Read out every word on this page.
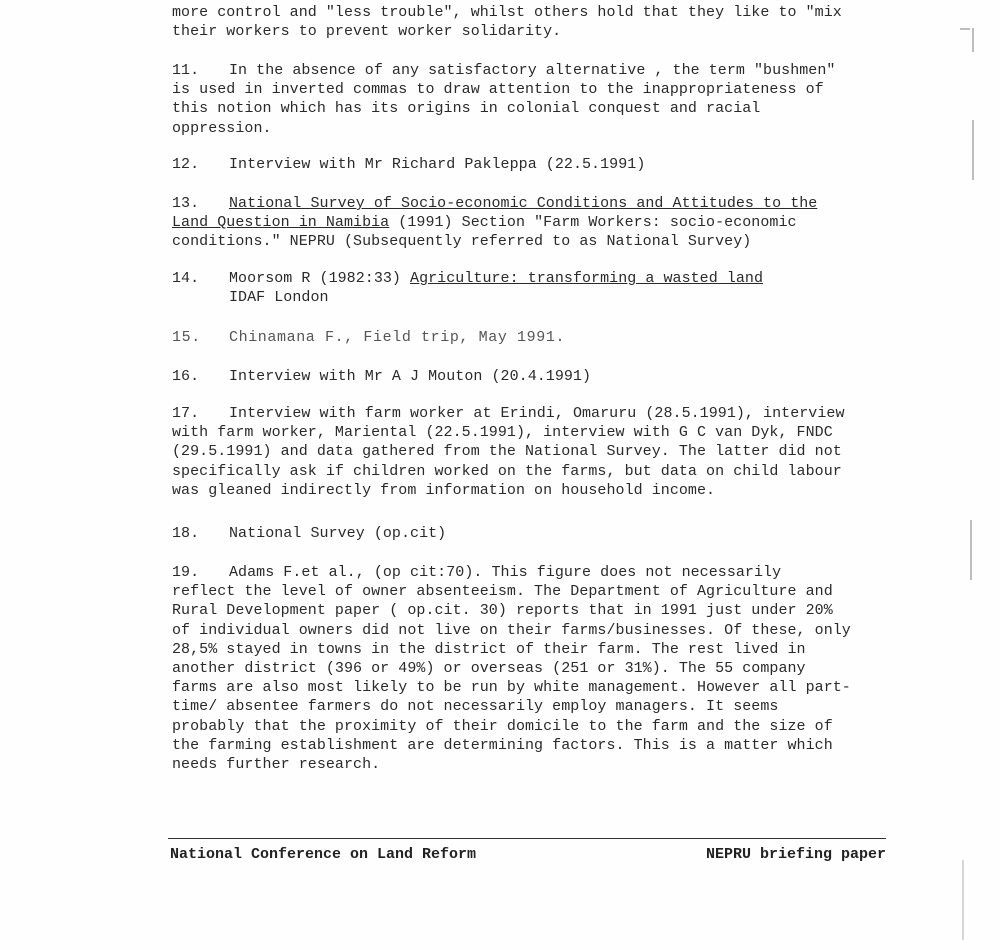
more control and "less trouble", whilst others hold that they like to "mix
their workers to prevent worker solidarity.

11. In the absence of any satisfactory alternative , the term "bushmen"
is used in inverted commas to draw attention to the inappropriateness of
this notion which has its origins in colonial conquest and racial
oppression.

12. Interview with Mr Richard Pakleppa (22.5.1991)

13. National Survey of Socio-economic Conditions and Attitudes to the
Land Question in Namibia (1991) Section "Farm Workers: socio-economic
conditions." NEPRU (Subsequently referred to as National Survey)

14. Moorsom R (1982:33) Agriculture: transforming a wasted land
IDAF London

15. Chinamana F., Field trip, May 1991.

16. Interview with Mr A J Mouton (20.4.1991)

17. Interview with farm worker at Erindi, Omaruru (28.5.1991), interview
with farm worker, Mariental (22.5.1991), interview with G C van Dyk, FNDC
(29.5.1991) and data gathered from the National Survey. The latter did not
specifically ask if children worked on the farms, but data on child labour
was gleaned indirectly from information on household income.

18. National Survey (op.cit)

19. Adams F.et al., (op cit:70). This figure does not necessarily
reflect the level of owner absenteeism. The Department of Agriculture and
Rural Development paper ( op.cit. 30) reports that in 1991 just under 20%
of individual owners did not live on their farms/businesses. Of these, only
28,5% stayed in towns in the district of their farm. The rest lived in
another district (396 or 49%) or overseas (251 or 31%). The 55 company
farms are also most likely to be run by white management. However all part-
time/ absentee farmers do not necessarily employ managers. It seems
probably that the proximity of their domicile to the farm and the size of
the farming establishment are determining factors. This is a matter which
needs further research.

National Conference on Land Reform	NEPRU briefing paper
